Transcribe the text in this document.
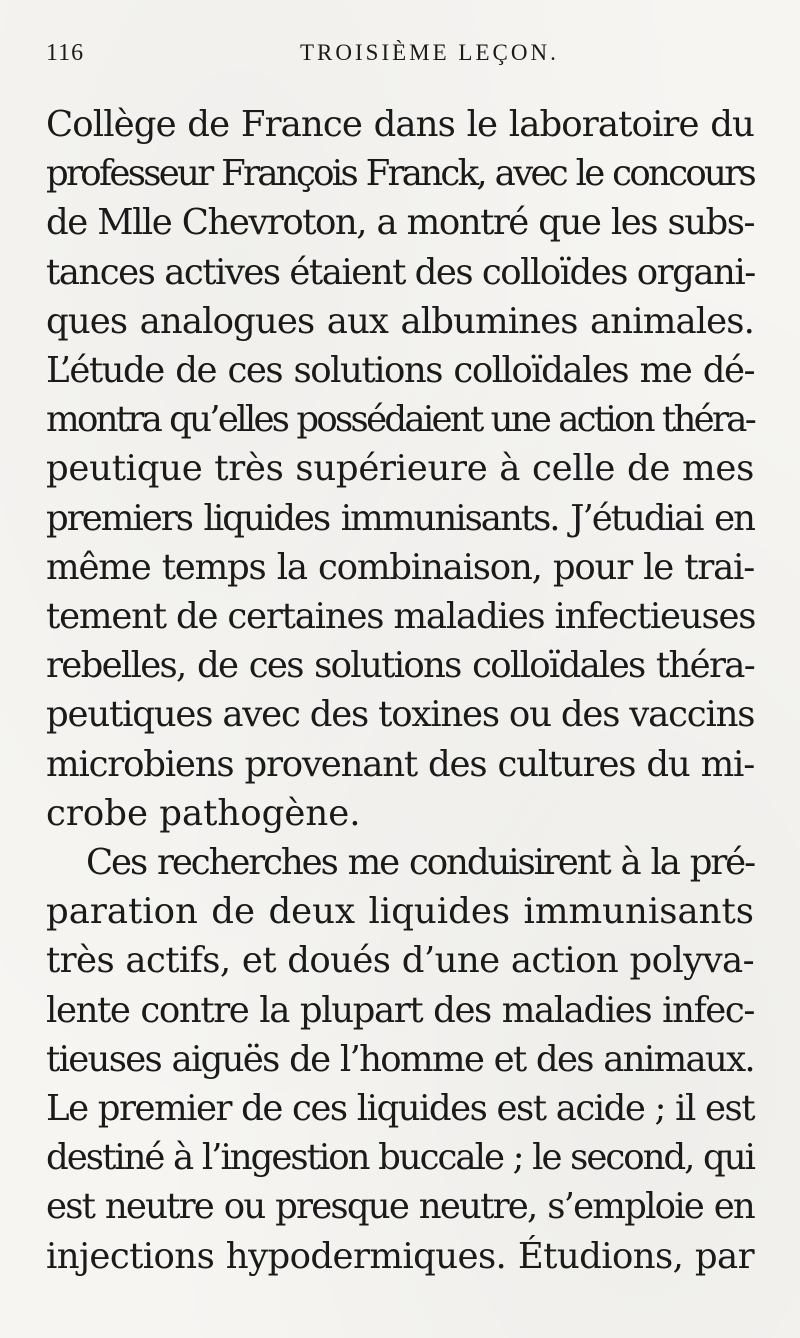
116	TROISIÈME LEÇON.
Collège de France dans le laboratoire du
professeur François Franck, avec le concours
de Mlle Chevroton, a montré que les subs-
tances actives étaient des colloïdes organi-
ques analogues aux albumines animales.
L’étude de ces solutions colloïdales me dé-
montra qu’elles possédaient une action théra-
peutique très supérieure à celle de mes
premiers liquides immunisants. J’étudiai en
même temps la combinaison, pour le trai-
tement de certaines maladies infectieuses
rebelles, de ces solutions colloïdales théra-
peutiques avec des toxines ou des vaccins
microbiens provenant des cultures du mi-
crobe pathogène.
Ces recherches me conduisirent à la pré-
paration de deux liquides immunisants
très actifs, et doués d’une action polyva-
lente contre la plupart des maladies infec-
tieuses aiguës de l’homme et des animaux.
Le premier de ces liquides est acide ; il est
destiné à l’ingestion buccale ; le second, qui
est neutre ou presque neutre, s’emploie en
injections hypodermiques. Étudions, par
